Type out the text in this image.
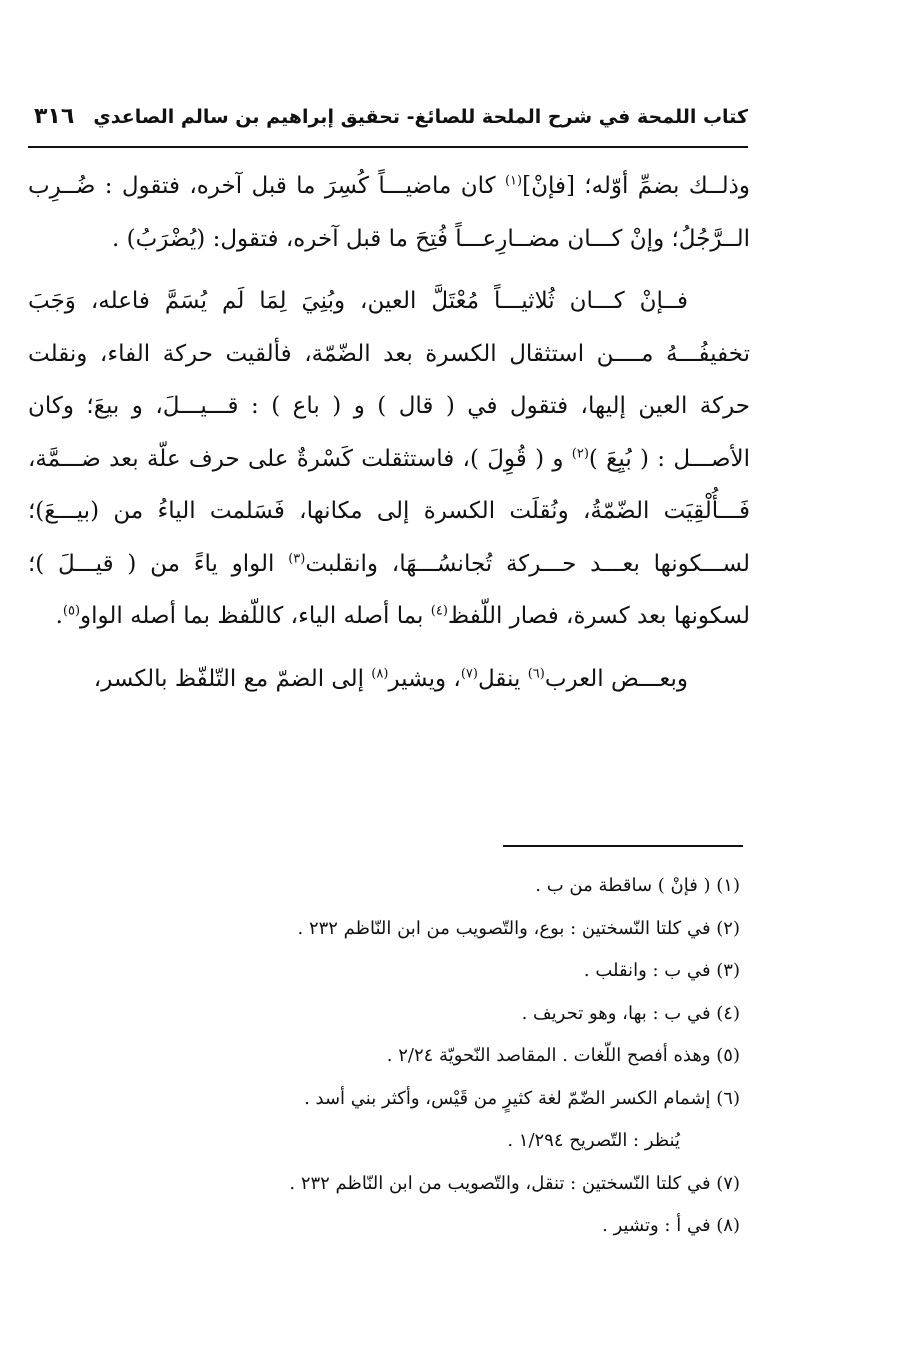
كتاب اللمحة في شرح الملحة للصائغ- تحقيق إبراهيم بن سالم الصاعدي
٣١٦

وذلــك بضمِّ أوّله؛ [فإنْ]$^{(١)}$ كان ماضيـــاً كُسِرَ ما قبل آخره، فتقول : ضُــرِب الــرَّجُلُ؛ وإنْ كـــان مضــارِعـــاً فُتِحَ ما قبل آخره، فتقول: (يُضْرَبُ) .

فــإنْ كـــان ثُلاثيـــاً مُعْتَلَّ العين، وبُنِيَ لِمَا لَم يُسَمَّ فاعله، وَجَبَ تخفيفُـــهُ مــــن استثقال الكسرة بعد الضّمّة، فألقيت حركة الفاء، ونقلت حركة العين إليها، فتقول في ( قال ) و ( باع ) : قـــيـــلَ، و بيعَ؛ وكان الأصـــل : ( بُيِعَ )$^{(٢)}$ و ( قُوِلَ )، فاستثقلت كَسْرةٌ على حرف علّة بعد ضـــمَّة، فَـــأُلْقِيَت الضّمّةُ، ونُقلَت الكسرة إلى مكانها، فَسَلمت الياءُ من (بيـــعَ)؛ لســـكونها بعـــد حـــركة تُجانسُـــهَا، وانقلبت$^{(٣)}$ الواو ياءً من ( قيـــلَ )؛ لسكونها بعد كسرة، فصار اللّفظ$^{(٤)}$ بما أصله الياء، كاللّفظ بما أصله الواو$^{(٥)}$.

وبعـــض العرب$^{(٦)}$ ينقل$^{(٧)}$، ويشير$^{(٨)}$ إلى الضمّ مع التّلفّظ بالكسر،

(١) ( فإنْ ) ساقطة من ب .
(٢) في كلتا النّسختين : بوع، والتّصويب من ابن النّاظم ٢٣٢ .
(٣) في ب : وانقلب .
(٤) في ب : بها، وهو تحريف .
(٥) وهذه أفصح اللّغات . المقاصد النّحويّة ٢/٢٤ .
(٦) إشمام الكسر الضّمّ لغة كثيرٍ من قَيْس، وأكثر بني أسد .
يُنظر : التّصريح ١/٢٩٤ .
(٧) في كلتا النّسختين : تنقل، والتّصويب من ابن النّاظم ٢٣٢ .
(٨) في أ : وتشير .
